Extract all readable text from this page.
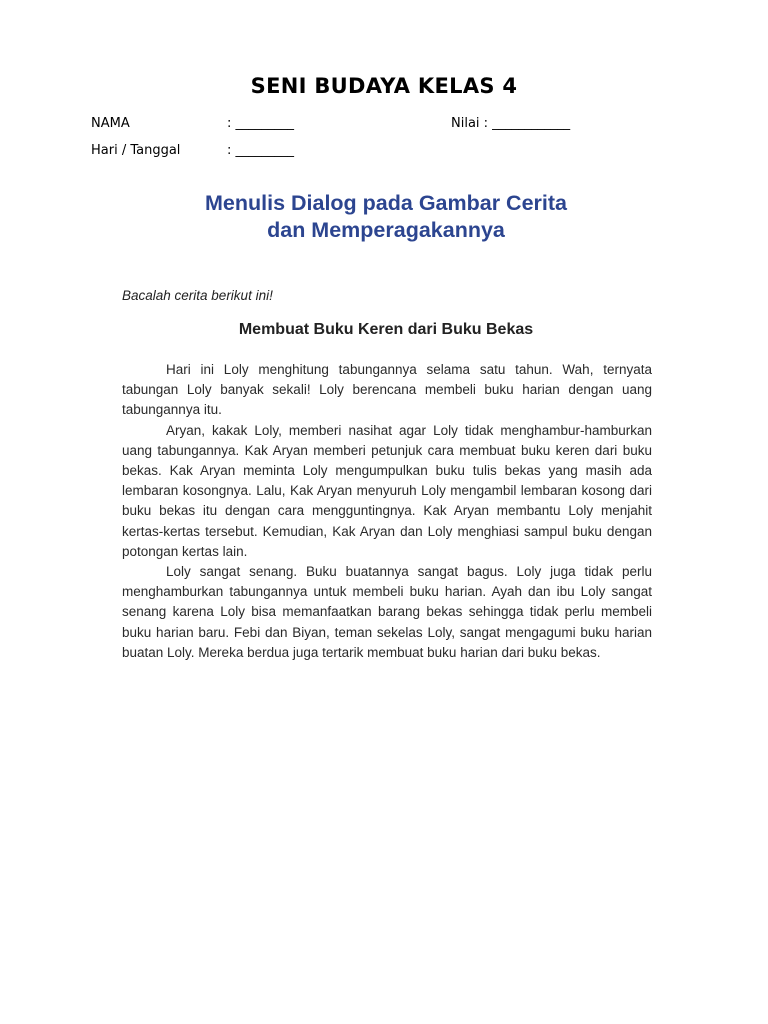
SENI BUDAYA KELAS 4
NAMA	: _________	Nilai : ____________
Hari / Tanggal	: _________
Menulis Dialog pada Gambar Cerita
dan Memperagakannya
Bacalah cerita berikut ini!
Membuat Buku Keren dari Buku Bekas

Hari ini Loly menghitung tabungannya selama satu tahun. Wah, ternyata tabungan Loly banyak sekali! Loly berencana membeli buku harian dengan uang tabungannya itu.

Aryan, kakak Loly, memberi nasihat agar Loly tidak menghambur-hamburkan uang tabungannya. Kak Aryan memberi petunjuk cara membuat buku keren dari buku bekas. Kak Aryan meminta Loly mengumpulkan buku tulis bekas yang masih ada lembaran kosongnya. Lalu, Kak Aryan menyuruh Loly mengambil lembaran kosong dari buku bekas itu dengan cara mengguntingnya. Kak Aryan membantu Loly menjahit kertas-kertas tersebut. Kemudian, Kak Aryan dan Loly menghiasi sampul buku dengan potongan kertas lain.

Loly sangat senang. Buku buatannya sangat bagus. Loly juga tidak perlu menghamburkan tabungannya untuk membeli buku harian. Ayah dan ibu Loly sangat senang karena Loly bisa memanfaatkan barang bekas sehingga tidak perlu membeli buku harian baru. Febi dan Biyan, teman sekelas Loly, sangat mengagumi buku harian buatan Loly. Mereka berdua juga tertarik membuat buku harian dari buku bekas.
